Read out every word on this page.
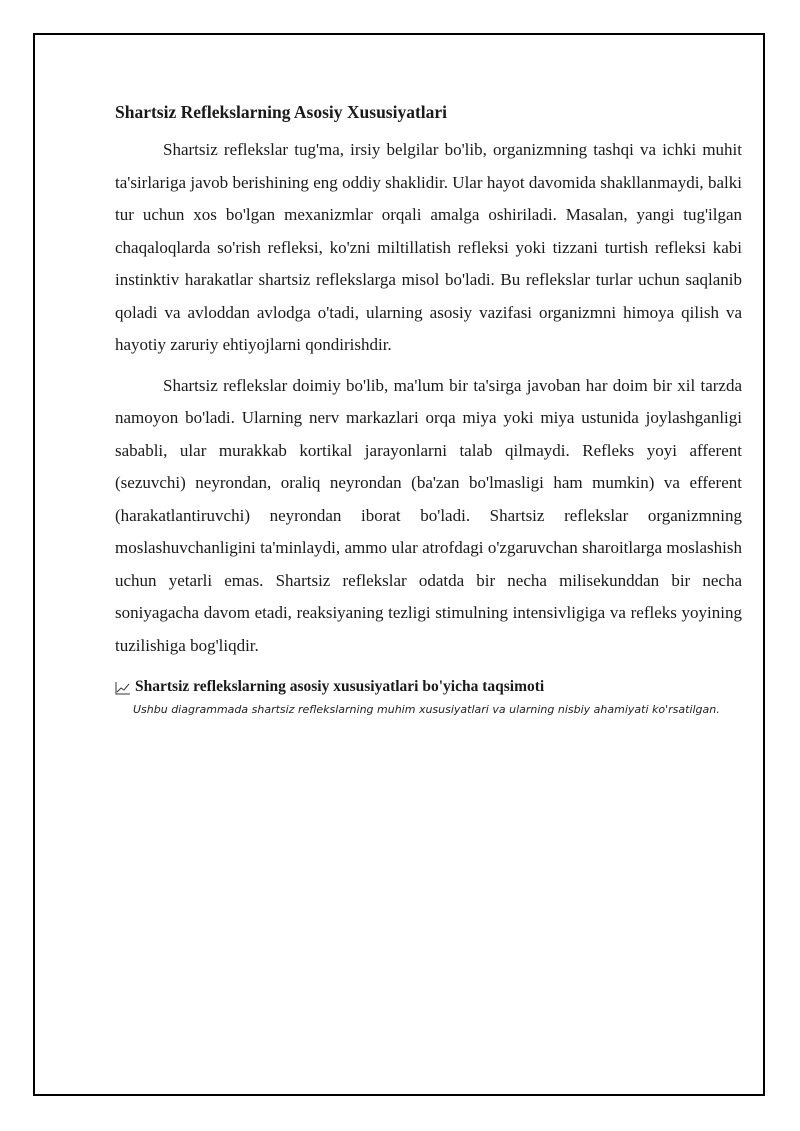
Shartsiz Reflekslarning Asosiy Xususiyatlari

Shartsiz reflekslar tug'ma, irsiy belgilar bo'lib, organizmning tashqi va ichki muhit ta'sirlariga javob berishining eng oddiy shaklidir. Ular hayot davomida shakllanmaydi, balki tur uchun xos bo'lgan mexanizmlar orqali amalga oshiriladi. Masalan, yangi tug'ilgan chaqaloqlarda so'rish refleksi, ko'zni miltillatish refleksi yoki tizzani turtish refleksi kabi instinktiv harakatlar shartsiz reflekslarga misol bo'ladi. Bu reflekslar turlar uchun saqlanib qoladi va avloddan avlodga o'tadi, ularning asosiy vazifasi organizmni himoya qilish va hayotiy zaruriy ehtiyojlarni qondirishdir.

Shartsiz reflekslar doimiy bo'lib, ma'lum bir ta'sirga javoban har doim bir xil tarzda namoyon bo'ladi. Ularning nerv markazlari orqa miya yoki miya ustunida joylashganligi sababli, ular murakkab kortikal jarayonlarni talab qilmaydi. Refleks yoyi afferent (sezuvchi) neyrondan, oraliq neyrondan (ba'zan bo'lmasligi ham mumkin) va efferent (harakatlantiruvchi) neyrondan iborat bo'ladi. Shartsiz reflekslar organizmning moslashuvchanligini ta'minlaydi, ammo ular atrofdagi o'zgaruvchan sharoitlarga moslashish uchun yetarli emas. Shartsiz reflekslar odatda bir necha milisekunddan bir necha soniyagacha davom etadi, reaksiyaning tezligi stimulning intensivligiga va refleks yoyining tuzilishiga bog'liqdir.

Shartsiz reflekslarning asosiy xususiyatlari bo'yicha taqsimoti
Ushbu diagrammada shartsiz reflekslarning muhim xususiyatlari va ularning nisbiy ahamiyati ko'rsatilgan.
